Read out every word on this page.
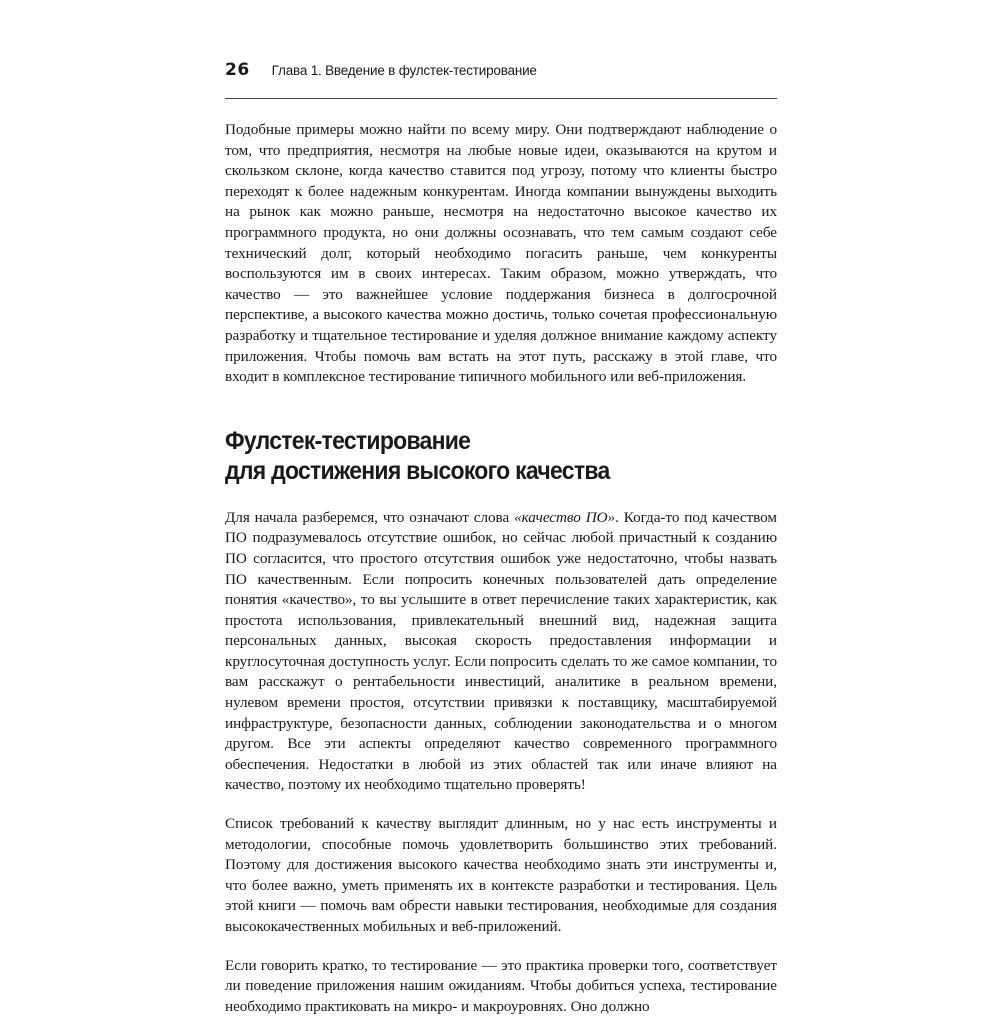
26 Глава 1. Введение в фулстек-тестирование

Подобные примеры можно найти по всему миру. Они подтверждают наблюдение о том, что предприятия, несмотря на любые новые идеи, оказываются на крутом и скользком склоне, когда качество ставится под угрозу, потому что клиенты быстро переходят к более надежным конкурентам. Иногда компании вынуждены выходить на рынок как можно раньше, несмотря на недостаточно высокое качество их программного продукта, но они должны осознавать, что тем самым создают себе технический долг, который необходимо погасить раньше, чем конкуренты воспользуются им в своих интересах. Таким образом, можно утверждать, что качество — это важнейшее условие поддержания бизнеса в долгосрочной перспективе, а высокого качества можно достичь, только сочетая профессиональную разработку и тщательное тестирование и уделяя должное внимание каждому аспекту приложения. Чтобы помочь вам встать на этот путь, расскажу в этой главе, что входит в комплексное тестирование типичного мобильного или веб-приложения.

Фулстек-тестирование
для достижения высокого качества

Для начала разберемся, что означают слова «качество ПО». Когда-то под качеством ПО подразумевалось отсутствие ошибок, но сейчас любой причастный к созданию ПО согласится, что простого отсутствия ошибок уже недостаточно, чтобы назвать ПО качественным. Если попросить конечных пользователей дать определение понятия «качество», то вы услышите в ответ перечисление таких характеристик, как простота использования, привлекательный внешний вид, надежная защита персональных данных, высокая скорость предоставления информации и круглосуточная доступность услуг. Если попросить сделать то же самое компании, то вам расскажут о рентабельности инвестиций, аналитике в реальном времени, нулевом времени простоя, отсутствии привязки к поставщику, масштабируемой инфраструктуре, безопасности данных, соблюдении законодательства и о многом другом. Все эти аспекты определяют качество современного программного обеспечения. Недостатки в любой из этих областей так или иначе влияют на качество, поэтому их необходимо тщательно проверять!

Список требований к качеству выглядит длинным, но у нас есть инструменты и методологии, способные помочь удовлетворить большинство этих требований. Поэтому для достижения высокого качества необходимо знать эти инструменты и, что более важно, уметь применять их в контексте разработки и тестирования. Цель этой книги — помочь вам обрести навыки тестирования, необходимые для создания высококачественных мобильных и веб-приложений.

Если говорить кратко, то тестирование — это практика проверки того, соответствует ли поведение приложения нашим ожиданиям. Чтобы добиться успеха, тестирование необходимо практиковать на микро- и макроуровнях. Оно должно
